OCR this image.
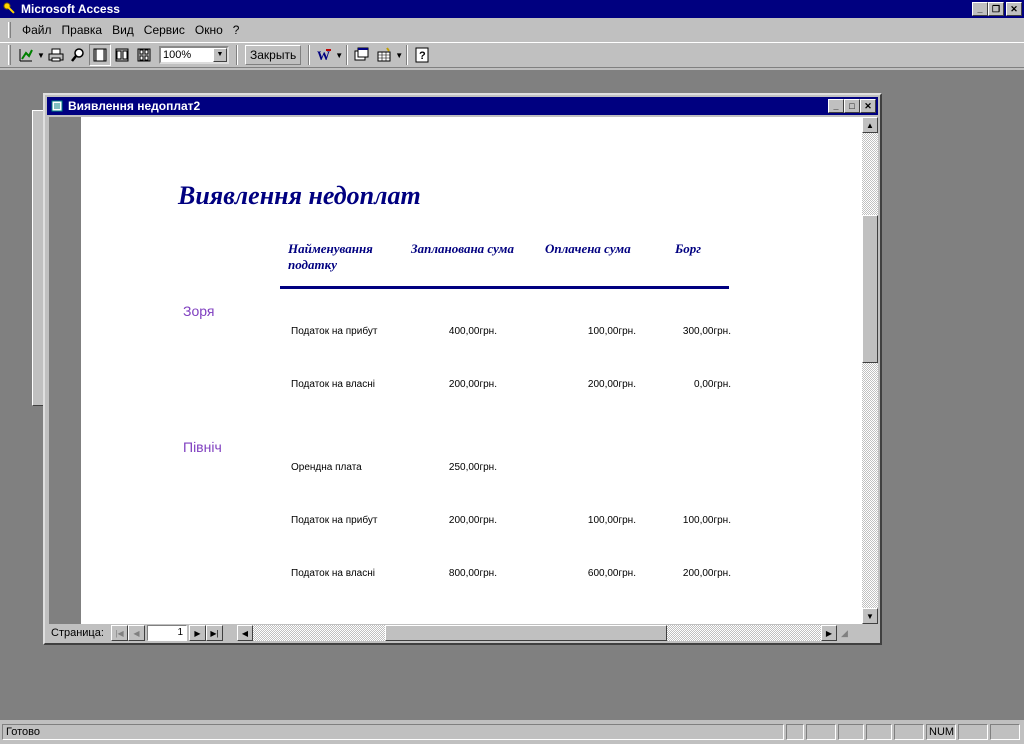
Microsoft Access	_ ❐ ✕
Файл Правка Вид Сервис Окно ?
▼	100%	▼	Закрыть	W ▼	▼ ?
Виявлення недоплат2	_ □ ✕
Виявлення недоплат
Найменування
податку
Запланована сума Оплачена сума	Борг
Зоря
Податок на прибут	400,00грн.	100,00грн.	300,00грн.
Податок на власні	200,00грн.	200,00грн.	0,00грн.
Північ
Орендна плата	250,00грн.
Податок на прибут	200,00грн.	100,00грн.	100,00грн.
Податок на власні	800,00грн.	600,00грн.	200,00грн.
▲
▼
Страница:	|◀ ◀	1	▶ ▶|	◀	▶ ◢
Готово	NUM
